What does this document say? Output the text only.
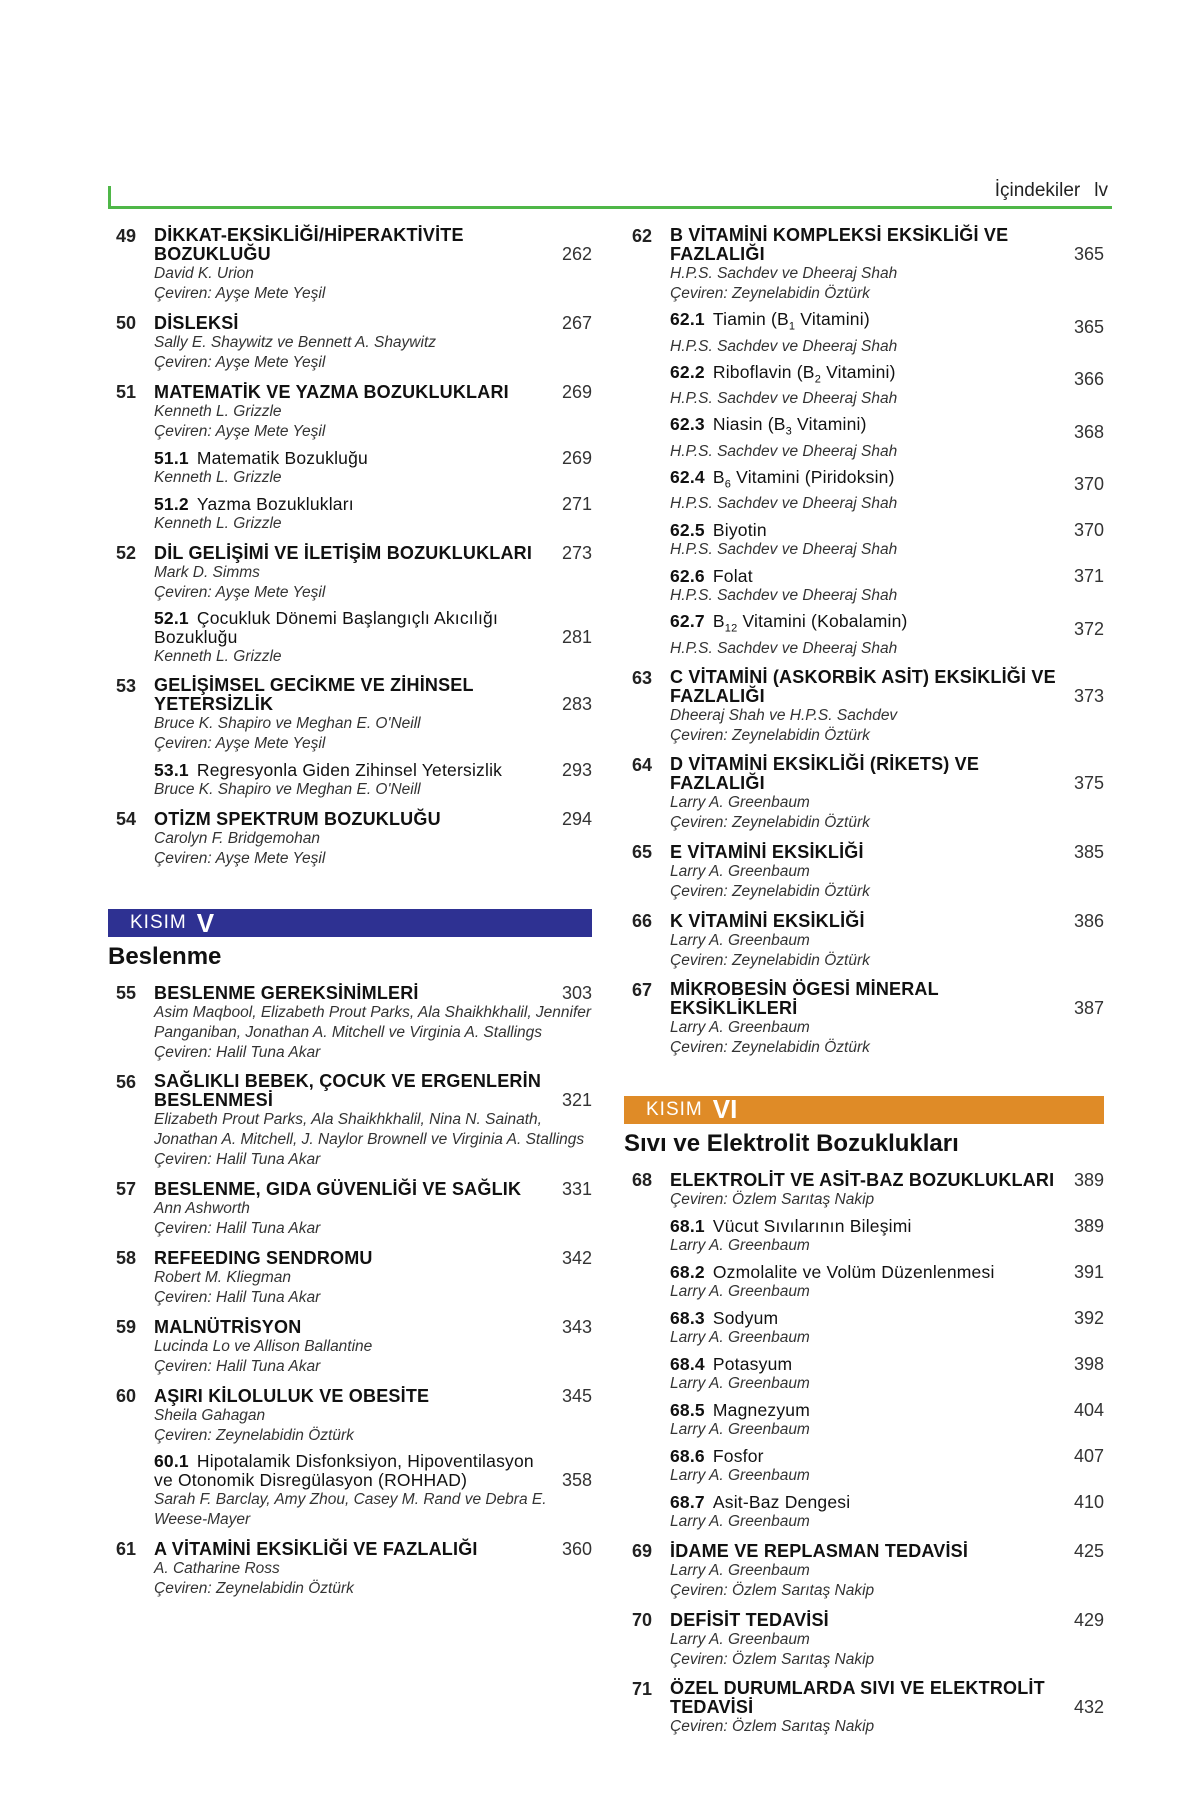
İçindekiler lv
49 DİKKAT-EKSİKLİĞİ/HİPERAKTİVİTE BOZUKLUĞU	262
David K. Urion
Çeviren: Ayşe Mete Yeşil
50 DİSLEKSİ	267
Sally E. Shaywitz ve Bennett A. Shaywitz
Çeviren: Ayşe Mete Yeşil
51 MATEMATİK VE YAZMA BOZUKLUKLARI	269
Kenneth L. Grizzle
Çeviren: Ayşe Mete Yeşil
51.1 Matematik Bozukluğu	269
Kenneth L. Grizzle
51.2 Yazma Bozuklukları	271
Kenneth L. Grizzle
52 DİL GELİŞİMİ VE İLETİŞİM BOZUKLUKLARI	273
Mark D. Simms
Çeviren: Ayşe Mete Yeşil
52.1 Çocukluk Dönemi Başlangıçlı Akıcılığı Bozukluğu	281
Kenneth L. Grizzle
53 GELİŞİMSEL GECİKME VE ZİHİNSEL YETERSİZLİK	283
Bruce K. Shapiro ve Meghan E. O'Neill
Çeviren: Ayşe Mete Yeşil
53.1 Regresyonla Giden Zihinsel Yetersizlik	293
Bruce K. Shapiro ve Meghan E. O'Neill
54 OTİZM SPEKTRUM BOZUKLUĞU	294
Carolyn F. Bridgemohan
Çeviren: Ayşe Mete Yeşil
KISIM V
Beslenme
55 BESLENME GEREKSİNİMLERİ	303
Asim Maqbool, Elizabeth Prout Parks, Ala Shaikhkhalil, Jennifer Panganiban, Jonathan A. Mitchell ve Virginia A. Stallings
Çeviren: Halil Tuna Akar
56 SAĞLIKLI BEBEK, ÇOCUK VE ERGENLERİN BESLENMESİ	321
Elizabeth Prout Parks, Ala Shaikhkhalil, Nina N. Sainath, Jonathan A. Mitchell, J. Naylor Brownell ve Virginia A. Stallings
Çeviren: Halil Tuna Akar
57 BESLENME, GIDA GÜVENLİĞİ VE SAĞLIK	331
Ann Ashworth
Çeviren: Halil Tuna Akar
58 REFEEDING SENDROMU	342
Robert M. Kliegman
Çeviren: Halil Tuna Akar
59 MALNÜTRİSYON	343
Lucinda Lo ve Allison Ballantine
Çeviren: Halil Tuna Akar
60 AŞIRI KİLOLULUK VE OBESİTE	345
Sheila Gahagan
Çeviren: Zeynelabidin Öztürk
60.1 Hipotalamik Disfonksiyon, Hipoventilasyon ve Otonomik Disregülasyon (ROHHAD)	358
Sarah F. Barclay, Amy Zhou, Casey M. Rand ve Debra E. Weese-Mayer
61 A VİTAMİNİ EKSİKLİĞİ VE FAZLALIĞI	360
A. Catharine Ross
Çeviren: Zeynelabidin Öztürk
62 B VİTAMİNİ KOMPLEKSİ EKSİKLİĞİ VE FAZLALIĞI	365
H.P.S. Sachdev ve Dheeraj Shah
Çeviren: Zeynelabidin Öztürk
62.1 Tiamin ($B_1$ Vitamini)	365
H.P.S. Sachdev ve Dheeraj Shah
62.2 Riboflavin ($B_2$ Vitamini)	366
H.P.S. Sachdev ve Dheeraj Shah
62.3 Niasin ($B_3$ Vitamini)	368
H.P.S. Sachdev ve Dheeraj Shah
62.4 $B_6$ Vitamini (Piridoksin)	370
H.P.S. Sachdev ve Dheeraj Shah
62.5 Biyotin	370
H.P.S. Sachdev ve Dheeraj Shah
62.6 Folat	371
H.P.S. Sachdev ve Dheeraj Shah
62.7 $B_{12}$ Vitamini (Kobalamin)	372
H.P.S. Sachdev ve Dheeraj Shah
63 C VİTAMİNİ (ASKORBİK ASİT) EKSİKLİĞİ VE FAZLALIĞI	373
Dheeraj Shah ve H.P.S. Sachdev
Çeviren: Zeynelabidin Öztürk
64 D VİTAMİNİ EKSİKLİĞİ (RİKETS) VE FAZLALIĞI	375
Larry A. Greenbaum
Çeviren: Zeynelabidin Öztürk
65 E VİTAMİNİ EKSİKLİĞİ	385
Larry A. Greenbaum
Çeviren: Zeynelabidin Öztürk
66 K VİTAMİNİ EKSİKLİĞİ	386
Larry A. Greenbaum
Çeviren: Zeynelabidin Öztürk
67 MİKROBESİN ÖGESİ MİNERAL EKSİKLİKLERİ	387
Larry A. Greenbaum
Çeviren: Zeynelabidin Öztürk
KISIM VI
Sıvı ve Elektrolit Bozuklukları
68 ELEKTROLİT VE ASİT-BAZ BOZUKLUKLARI	389
Çeviren: Özlem Sarıtaş Nakip
68.1 Vücut Sıvılarının Bileşimi	389
Larry A. Greenbaum
68.2 Ozmolalite ve Volüm Düzenlenmesi	391
Larry A. Greenbaum
68.3 Sodyum	392
Larry A. Greenbaum
68.4 Potasyum	398
Larry A. Greenbaum
68.5 Magnezyum	404
Larry A. Greenbaum
68.6 Fosfor	407
Larry A. Greenbaum
68.7 Asit-Baz Dengesi	410
Larry A. Greenbaum
69 İDAME VE REPLASMAN TEDAVİSİ	425
Larry A. Greenbaum
Çeviren: Özlem Sarıtaş Nakip
70 DEFİSİT TEDAVİSİ	429
Larry A. Greenbaum
Çeviren: Özlem Sarıtaş Nakip
71 ÖZEL DURUMLARDA SIVI VE ELEKTROLİT TEDAVİSİ	432
Çeviren: Özlem Sarıtaş Nakip
